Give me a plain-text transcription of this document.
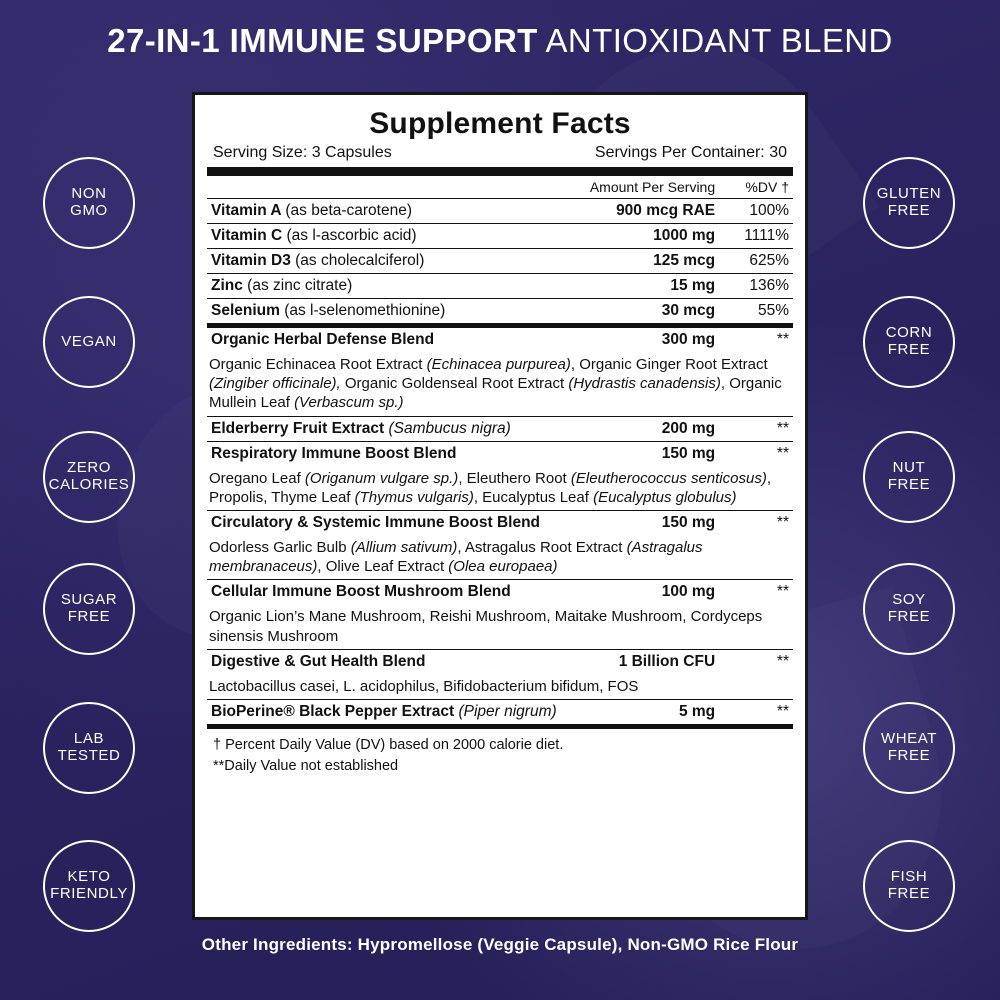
27-IN-1 IMMUNE SUPPORT ANTIOXIDANT BLEND
NON
GMO
VEGAN
ZERO
CALORIES
SUGAR
FREE
LAB
TESTED
KETO
FRIENDLY
GLUTEN
FREE
CORN
FREE
NUT
FREE
SOY
FREE
WHEAT
FREE
FISH
FREE
Supplement Facts
Serving Size: 3 Capsules	Servings Per Container: 30
	Amount Per Serving	%DV †
Vitamin A (as beta-carotene)	900 mcg RAE	100%
Vitamin C (as l-ascorbic acid)	1000 mg	1111%
Vitamin D3 (as cholecalciferol)	125 mcg	625%
Zinc (as zinc citrate)	15 mg	136%
Selenium (as l-selenomethionine)	30 mcg	55%
Organic Herbal Defense Blend	300 mg	**
Organic Echinacea Root Extract (Echinacea purpurea), Organic Ginger Root Extract (Zingiber officinale), Organic Goldenseal Root Extract (Hydrastis canadensis), Organic Mullein Leaf (Verbascum sp.)		
Elderberry Fruit Extract (Sambucus nigra)	200 mg	**
Respiratory Immune Boost Blend	150 mg	**
Oregano Leaf (Origanum vulgare sp.), Eleuthero Root (Eleutherococcus senticosus), Propolis, Thyme Leaf (Thymus vulgaris), Eucalyptus Leaf (Eucalyptus globulus)		
Circulatory & Systemic Immune Boost Blend	150 mg	**
Odorless Garlic Bulb (Allium sativum), Astragalus Root Extract (Astragalus membranaceus), Olive Leaf Extract (Olea europaea)		
Cellular Immune Boost Mushroom Blend	100 mg	**
Organic Lion’s Mane Mushroom, Reishi Mushroom, Maitake Mushroom, Cordyceps sinensis Mushroom		
Digestive & Gut Health Blend	1 Billion CFU	**
Lactobacillus casei, L. acidophilus, Bifidobacterium bifidum, FOS		
BioPerine® Black Pepper Extract (Piper nigrum)	5 mg	**
† Percent Daily Value (DV) based on 2000 calorie diet.
**Daily Value not established
Other Ingredients: Hypromellose (Veggie Capsule), Non-GMO Rice Flour
